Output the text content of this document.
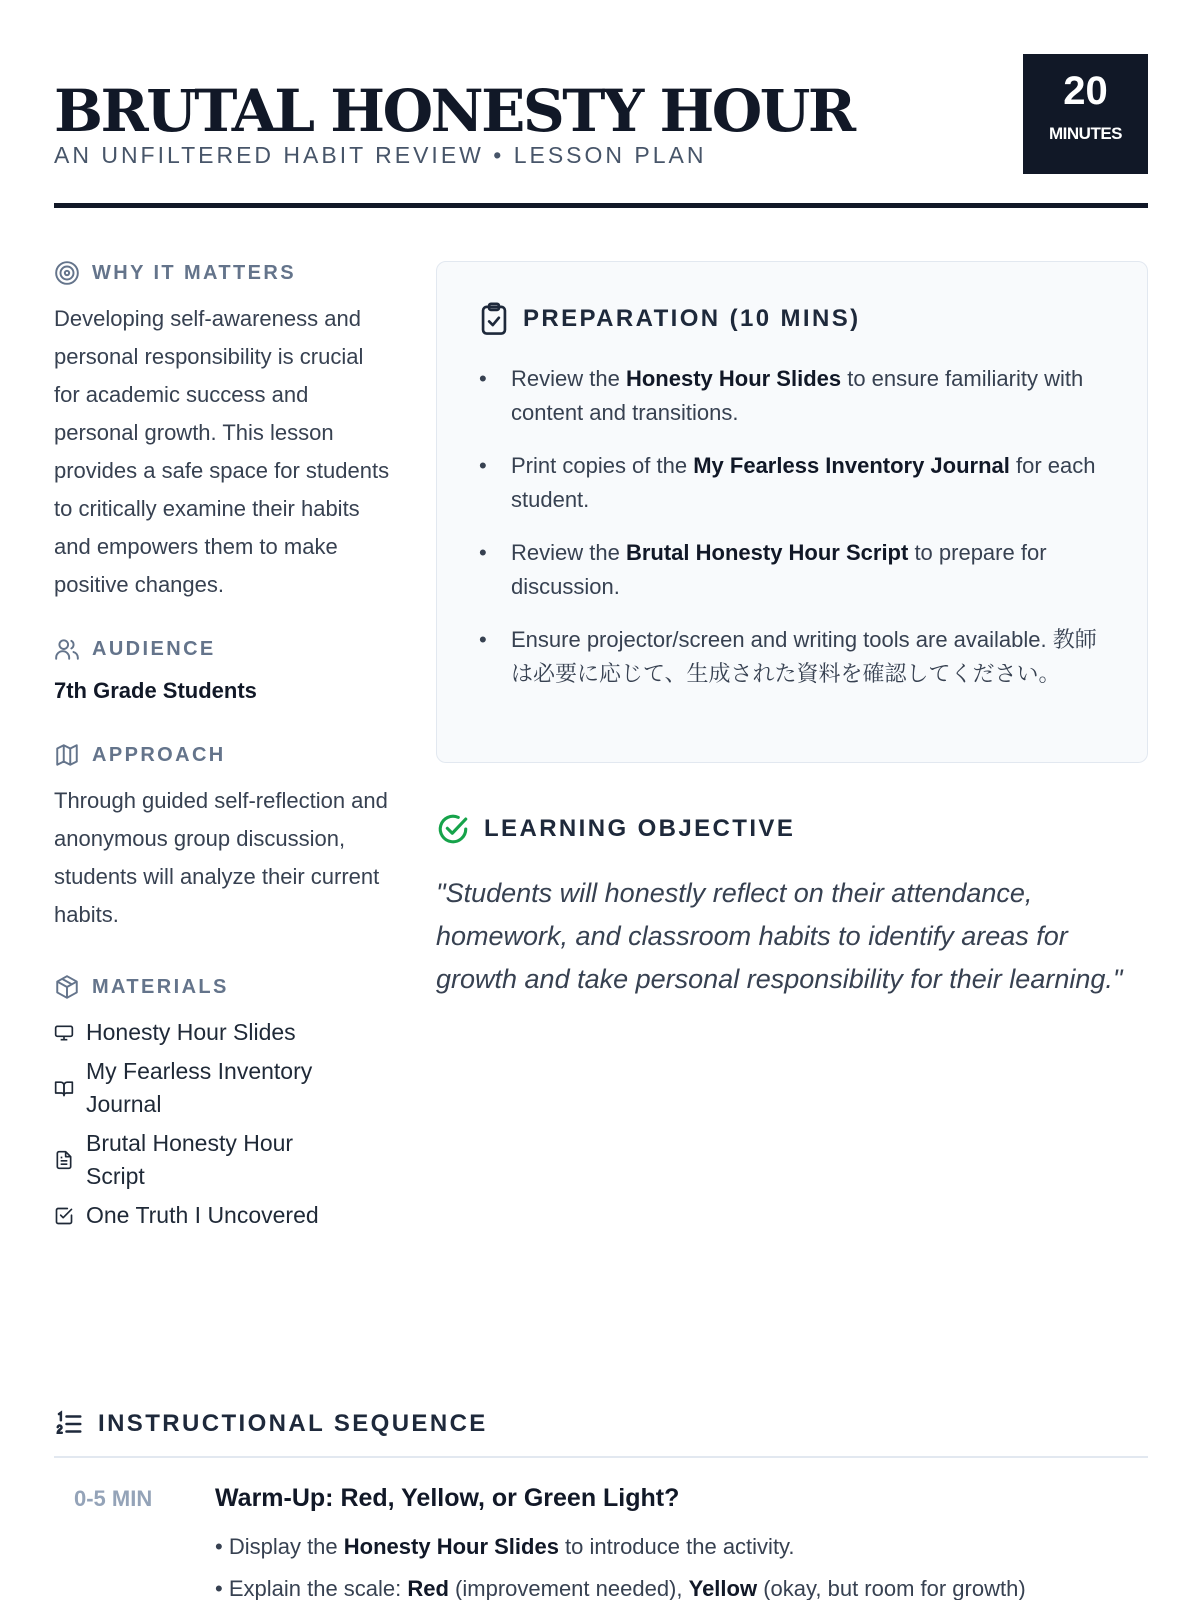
BRUTAL HONESTY HOUR
AN UNFILTERED HABIT REVIEW • LESSON PLAN
20
MINUTES
WHY IT MATTERS

Developing self-awareness and personal responsibility is crucial for academic success and personal growth. This lesson provides a safe space for students to critically examine their habits and empowers them to make positive changes.

AUDIENCE

7th Grade Students

APPROACH

Through guided self-reflection and anonymous group discussion, students will analyze their current habits.

MATERIALS
Honesty Hour Slides
My Fearless Inventory Journal
Brutal Honesty Hour Script
One Truth I Uncovered
PREPARATION (10 MINS)
• Review the Honesty Hour Slides to ensure familiarity with content and transitions.
• Print copies of the My Fearless Inventory Journal for each student.
• Review the Brutal Honesty Hour Script to prepare for discussion.
• Ensure projector/screen and writing tools are available. 教師は必要に応じて、生成された資料を確認してください。
LEARNING OBJECTIVE

"Students will honestly reflect on their attendance, homework, and classroom habits to identify areas for growth and take personal responsibility for their learning."

INSTRUCTIONAL SEQUENCE
0-5 MIN	Warm-Up: Red, Yellow, or Green Light?
• Display the Honesty Hour Slides to introduce the activity.
• Explain the scale: Red (improvement needed), Yellow (okay, but room for growth)
